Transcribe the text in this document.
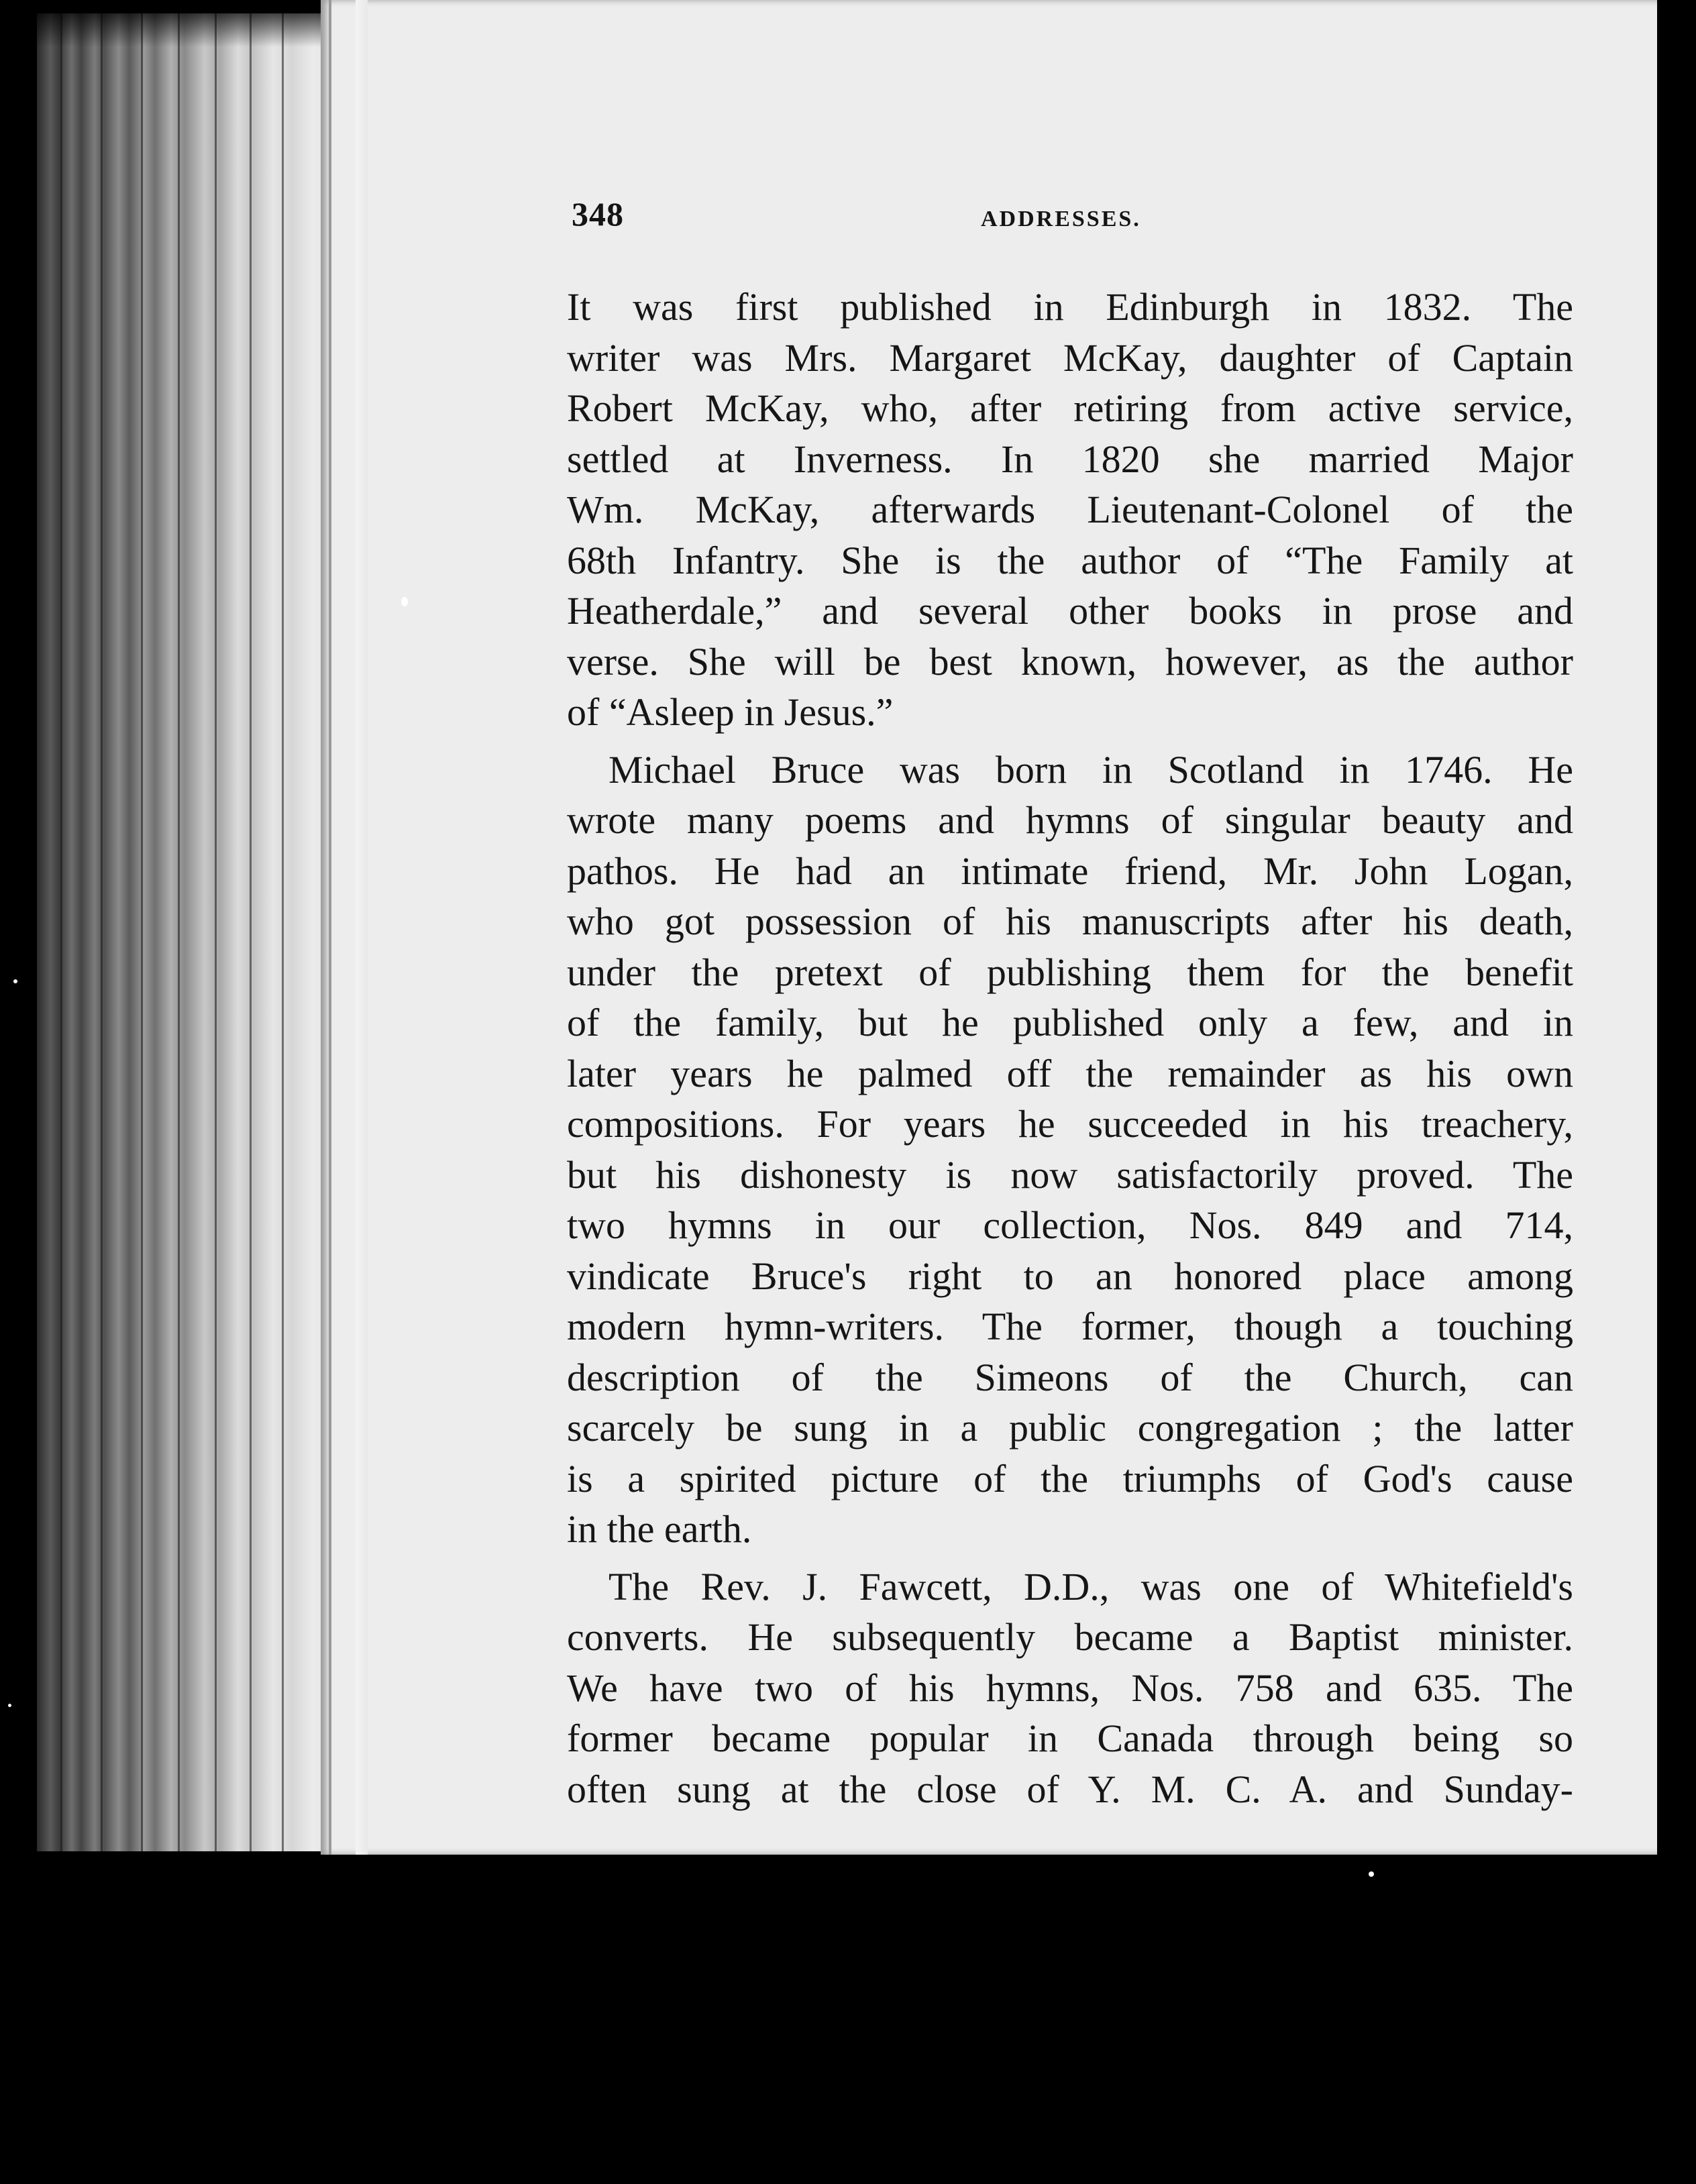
348	ADDRESSES.
It was first published in Edinburgh in 1832. The
writer was Mrs. Margaret McKay, daughter of Captain
Robert McKay, who, after retiring from active service,
settled at Inverness. In 1820 she married Major
Wm. McKay, afterwards Lieutenant-Colonel of the
68th Infantry. She is the author of “The Family at
Heatherdale,” and several other books in prose and
verse. She will be best known, however, as the author
of “Asleep in Jesus.”
Michael Bruce was born in Scotland in 1746. He
wrote many poems and hymns of singular beauty and
pathos. He had an intimate friend, Mr. John Logan,
who got possession of his manuscripts after his death,
under the pretext of publishing them for the benefit
of the family, but he published only a few, and in
later years he palmed off the remainder as his own
compositions. For years he succeeded in his treachery,
but his dishonesty is now satisfactorily proved. The
two hymns in our collection, Nos. 849 and 714,
vindicate Bruce's right to an honored place among
modern hymn-writers. The former, though a touching
description of the Simeons of the Church, can
scarcely be sung in a public congregation ; the latter
is a spirited picture of the triumphs of God's cause
in the earth.
The Rev. J. Fawcett, D.D., was one of Whitefield's
converts. He subsequently became a Baptist minister.
We have two of his hymns, Nos. 758 and 635. The
former became popular in Canada through being so
often sung at the close of Y. M. C. A. and Sunday-
